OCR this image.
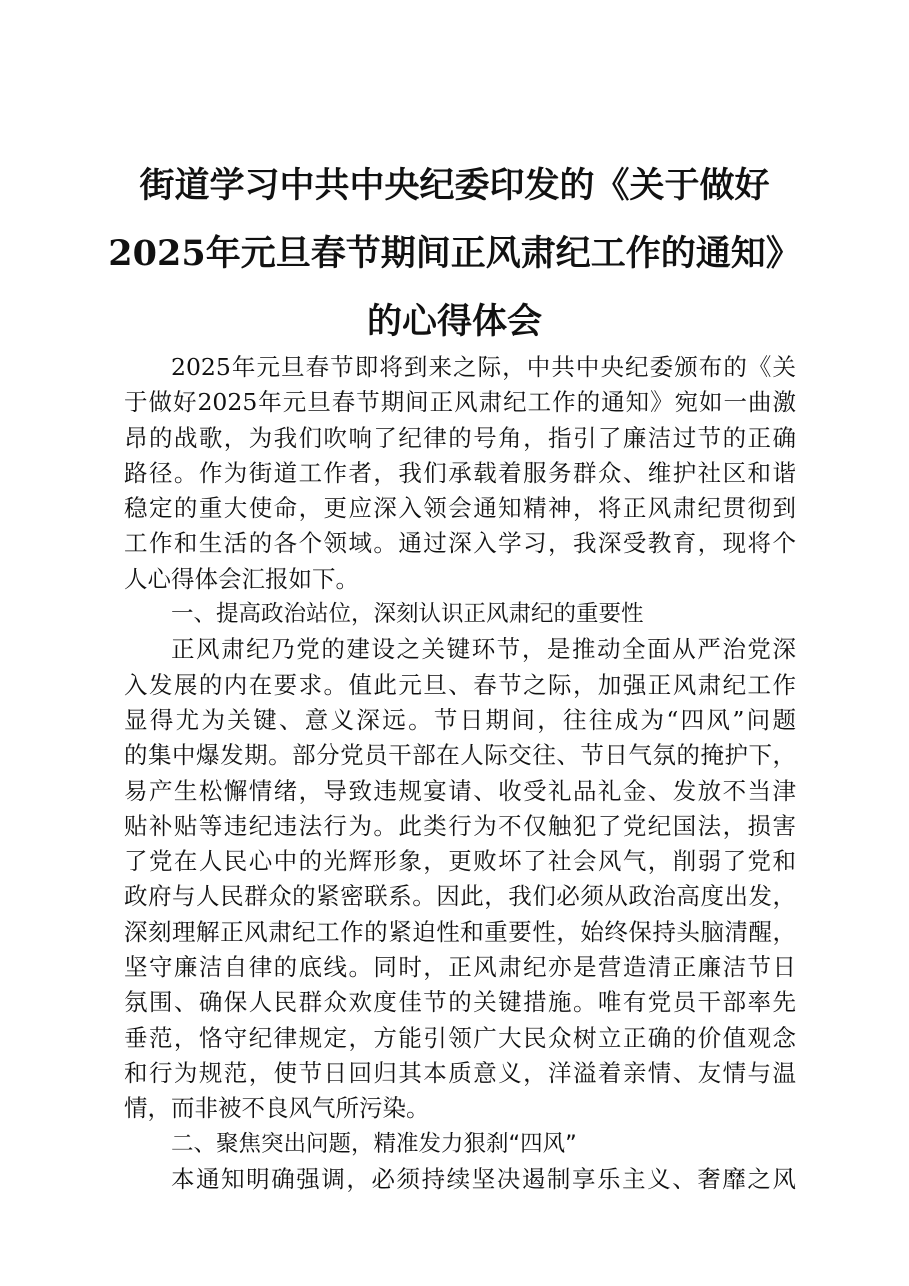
街道学习中共中央纪委印发的《关于做好
2025年元旦春节期间正风肃纪工作的通知》
的心得体会
2025年元旦春节即将到来之际，中共中央纪委颁布的《关
于做好2025年元旦春节期间正风肃纪工作的通知》宛如一曲激
昂的战歌，为我们吹响了纪律的号角，指引了廉洁过节的正确
路径。作为街道工作者，我们承载着服务群众、维护社区和谐
稳定的重大使命，更应深入领会通知精神，将正风肃纪贯彻到
工作和生活的各个领域。通过深入学习，我深受教育，现将个
人心得体会汇报如下。
一、提高政治站位，深刻认识正风肃纪的重要性
正风肃纪乃党的建设之关键环节，是推动全面从严治党深
入发展的内在要求。值此元旦、春节之际，加强正风肃纪工作
显得尤为关键、意义深远。节日期间，往往成为“四风”问题
的集中爆发期。部分党员干部在人际交往、节日气氛的掩护下，
易产生松懈情绪，导致违规宴请、收受礼品礼金、发放不当津
贴补贴等违纪违法行为。此类行为不仅触犯了党纪国法，损害
了党在人民心中的光辉形象，更败坏了社会风气，削弱了党和
政府与人民群众的紧密联系。因此，我们必须从政治高度出发，
深刻理解正风肃纪工作的紧迫性和重要性，始终保持头脑清醒，
坚守廉洁自律的底线。同时，正风肃纪亦是营造清正廉洁节日
氛围、确保人民群众欢度佳节的关键措施。唯有党员干部率先
垂范，恪守纪律规定，方能引领广大民众树立正确的价值观念
和行为规范，使节日回归其本质意义，洋溢着亲情、友情与温
情，而非被不良风气所污染。
二、聚焦突出问题，精准发力狠刹“四风”
本通知明确强调，必须持续坚决遏制享乐主义、奢靡之风
